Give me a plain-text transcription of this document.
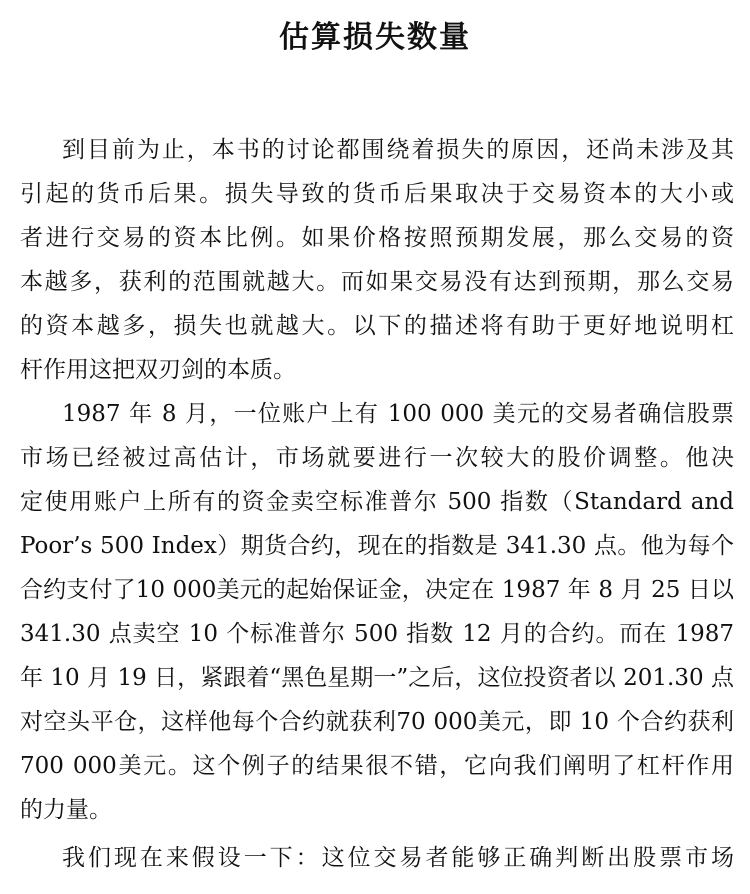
估算损失数量
到目前为止，本书的讨论都围绕着损失的原因，还尚未涉及其
引起的货币后果。损失导致的货币后果取决于交易资本的大小或
者进行交易的资本比例。如果价格按照预期发展，那么交易的资
本越多，获利的范围就越大。而如果交易没有达到预期，那么交易
的资本越多，损失也就越大。以下的描述将有助于更好地说明杠
杆作用这把双刃剑的本质。
1987 年 8 月，一位账户上有 100 000 美元的交易者确信股票
市场已经被过高估计，市场就要进行一次较大的股价调整。他决
定使用账户上所有的资金卖空标准普尔 500 指数（Standard and
Poor’s 500 Index）期货合约，现在的指数是 341.30 点。他为每个
合约支付了10 000美元的起始保证金，决定在 1987 年 8 月 25 日以
341.30 点卖空 10 个标准普尔 500 指数 12 月的合约。而在 1987
年 10 月 19 日，紧跟着“黑色星期一”之后，这位投资者以 201.30 点
对空头平仓，这样他每个合约就获利70 000美元，即 10 个合约获利
700 000美元。这个例子的结果很不错，它向我们阐明了杠杆作用
的力量。
我们现在来假设一下：这位交易者能够正确判断出股票市场
